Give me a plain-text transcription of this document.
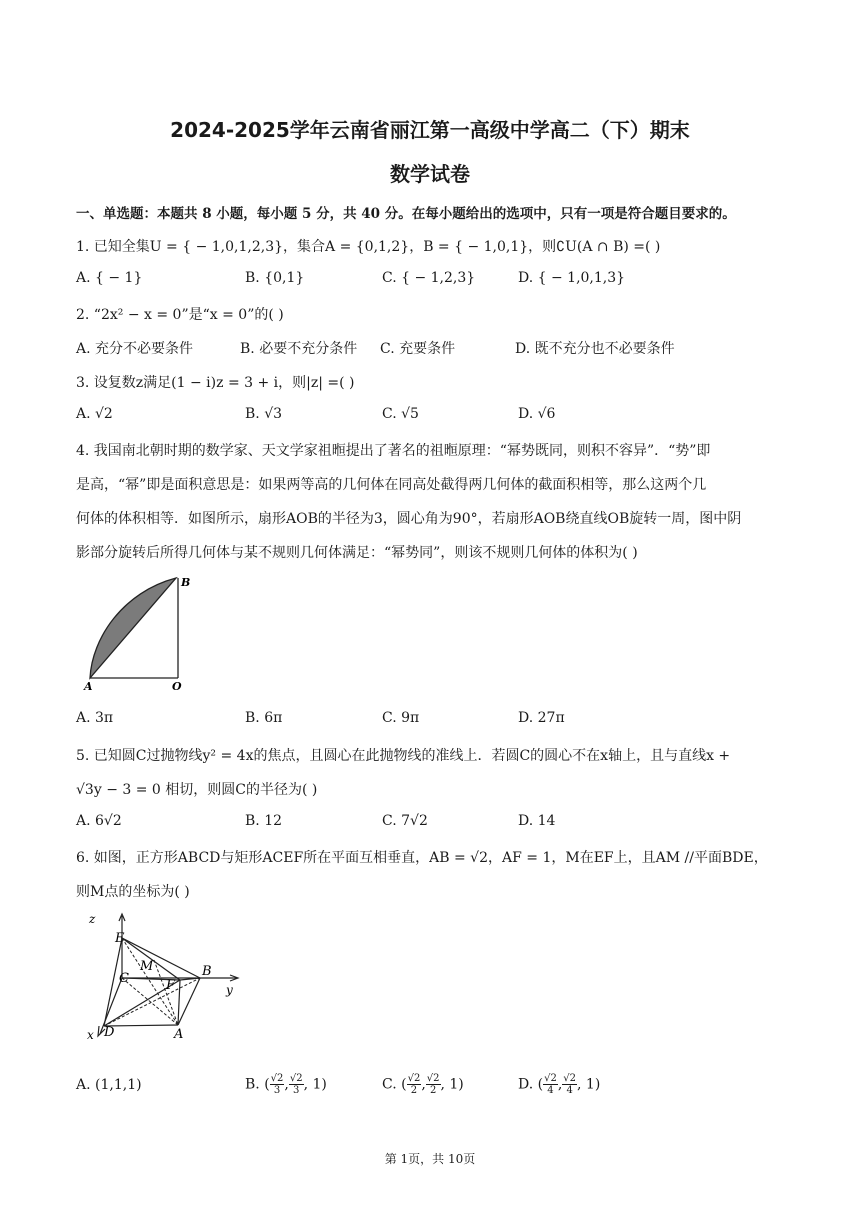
2024-2025学年云南省丽江第一高级中学高二（下）期末
数学试卷
一、单选题：本题共 8 小题，每小题 5 分，共 40 分。在每小题给出的选项中，只有一项是符合题目要求的。
1. 已知全集U = { − 1,0,1,2,3}，集合A = {0,1,2}，B = { − 1,0,1}，则∁U(A ∩ B) =( )
A. { − 1}	B. {0,1}	C. { − 1,2,3}	D. { − 1,0,1,3}
2. “2x² − x = 0”是“x = 0”的( )
A. 充分不必要条件	B. 必要不充分条件 C. 充要条件	D. 既不充分也不必要条件
3. 设复数z满足(1 − i)z = 3 + i，则|z| =( )
A. √2	B. √3	C. √5	D. √6
4. 我国南北朝时期的数学家、天文学家祖暅提出了著名的祖暅原理：“幂势既同，则积不容异”．“势”即
是高，“幂”即是面积意思是：如果两等高的几何体在同高处截得两几何体的截面积相等，那么这两个几
何体的体积相等．如图所示，扇形AOB的半径为3，圆心角为90°，若扇形AOB绕直线OB旋转一周，图中阴
影部分旋转后所得几何体与某不规则几何体满足：“幂势同”，则该不规则几何体的体积为( )
B
A	O
A. 3π	B. 6π	C. 9π	D. 27π
5. 已知圆C过抛物线y² = 4x的焦点，且圆心在此抛物线的准线上．若圆C的圆心不在x轴上，且与直线x +
√3y − 3 = 0 相切，则圆C的半径为( )
A. 6√2	B. 12	C. 7√2	D. 14
6. 如图，正方形ABCD与矩形ACEF所在平面互相垂直，AB = √2，AF = 1，M在EF上，且AM //平面BDE，
则M点的坐标为( )
z
y
x
E
M
C	B
F
D	A
A. (1,1,1)	B. ( $\frac{√2}{3}$ , $\frac{√2}{3}$ , 1)	C. ( $\frac{√2}{2}$ , $\frac{√2}{2}$ , 1)	D. ( $\frac{√2}{4}$ , $\frac{√2}{4}$ , 1)
第 1页，共 10页
